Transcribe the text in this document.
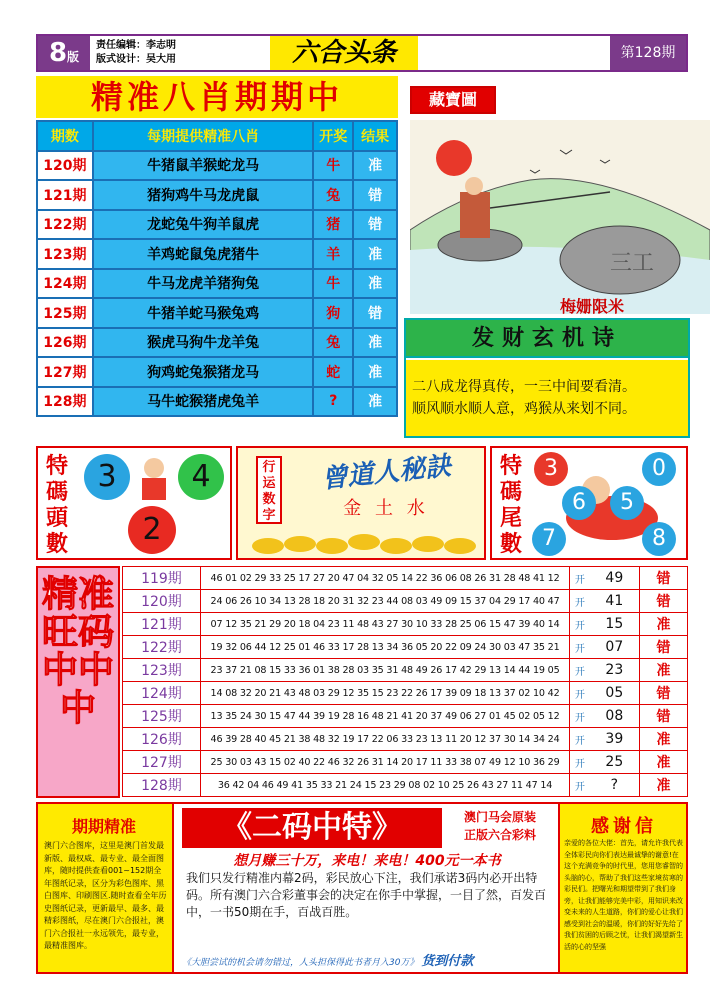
8版
责任编辑：李志明
版式设计：吴大用	六合头条	第128期
精准八肖期期中
期数	每期提供精准八肖	开奖	结果
120期	牛猪鼠羊猴蛇龙马	牛	准
121期	猪狗鸡牛马龙虎鼠	兔	错
122期	龙蛇兔牛狗羊鼠虎	猪	错
123期	羊鸡蛇鼠兔虎猪牛	羊	准
124期	牛马龙虎羊猪狗兔	牛	准
125期	牛猪羊蛇马猴兔鸡	狗	错
126期	猴虎马狗牛龙羊兔	兔	准
127期	狗鸡蛇兔猴猪龙马	蛇	准
128期	马牛蛇猴猪虎兔羊	?	准
藏寶圖
三工
梅姗限米
发财玄机诗
二八成龙得真传，一三中间要看清。
顺风顺水顺人意，鸡猴从来划不同。
特碼頭數
3	4
2
行运数字
曾道人秘訣
金 土 水
特碼尾數
3	0
6	5
7	8
精准旺码中中中
119期	46 01 02 29 33 25 17 27 20 47 04 32 05 14 22 36 06 08 26 31 28 48 41 12	开	49	错
120期	24 06 26 10 34 13 28 18 20 31 32 23 44 08 03 49 09 15 37 04 29 17 40 47	开	41	错
121期	07 12 35 21 29 20 18 04 23 11 48 43 27 30 10 33 28 25 06 15 47 39 40 14	开	15	准
122期	19 32 06 44 12 25 01 46 33 17 28 13 34 36 05 20 22 09 24 30 03 47 35 21	开	07	错
123期	23 37 21 08 15 33 36 01 38 28 03 35 31 48 49 26 17 42 29 13 14 44 19 05	开	23	准
124期	14 08 32 20 21 43 48 03 29 12 35 15 23 22 26 17 39 09 18 13 37 02 10 42	开	05	错
125期	13 35 24 30 15 47 44 39 19 28 16 48 21 41 20 37 49 06 27 01 45 02 05 12	开	08	错
126期	46 39 28 40 45 21 38 48 32 19 17 22 06 33 23 13 11 20 12 37 30 14 34 24	开	39	准
127期	25 30 03 43 15 02 40 22 46 32 26 31 14 20 17 11 33 38 07 49 12 10 36 29	开	25	准
128期	36 42 04 46 49 41 35 33 21 24 15 23 29 08 02 10 25 26 43 27 11 47 14	开	?	准
期期精准
澳门六合图库，这里是澳门首发最新版、最权威、最专业、最全面图库，随时提供查看001~152期全年图纸记录，区分为彩色图库、黑白图库、印刷图区.随时查看全年历史图纸记录，更新最早、最多、最精彩图纸，尽在澳门六合报社，澳门六合报社一永远领先，最专业，最精准图库。
《二码中特》	澳门马会原装
正版六合彩料
想月赚三十万，来电！来电！400元一本书
我们只发行精准内幕2码，彩民放心下注，我们承诺3码内必开出特码。所有澳门六合彩董事会的决定在你手中掌握，一目了然，百发百中，一书50期在手，百战百胜。
《大胆尝试的机会请勿错过，人头担保得此书者月入30万》 货到付款
感谢信
亲爱的各位大佬：首先，请允许我代表全体彩民向你们表达最诚挚的谢意!在这个充满竞争的时代里，您用您睿智的头脑的心，帮助了我们这些家境贫寒的彩民们。把曙光和期望带到了我们身旁，让我们能够完美中彩，用知识来改变未来的人生道路，你们的爱心让我们感受到社会的温暖，你们的好好先给了我们贫困的后顾之忧，让我们渴望新生活的心的坚强
